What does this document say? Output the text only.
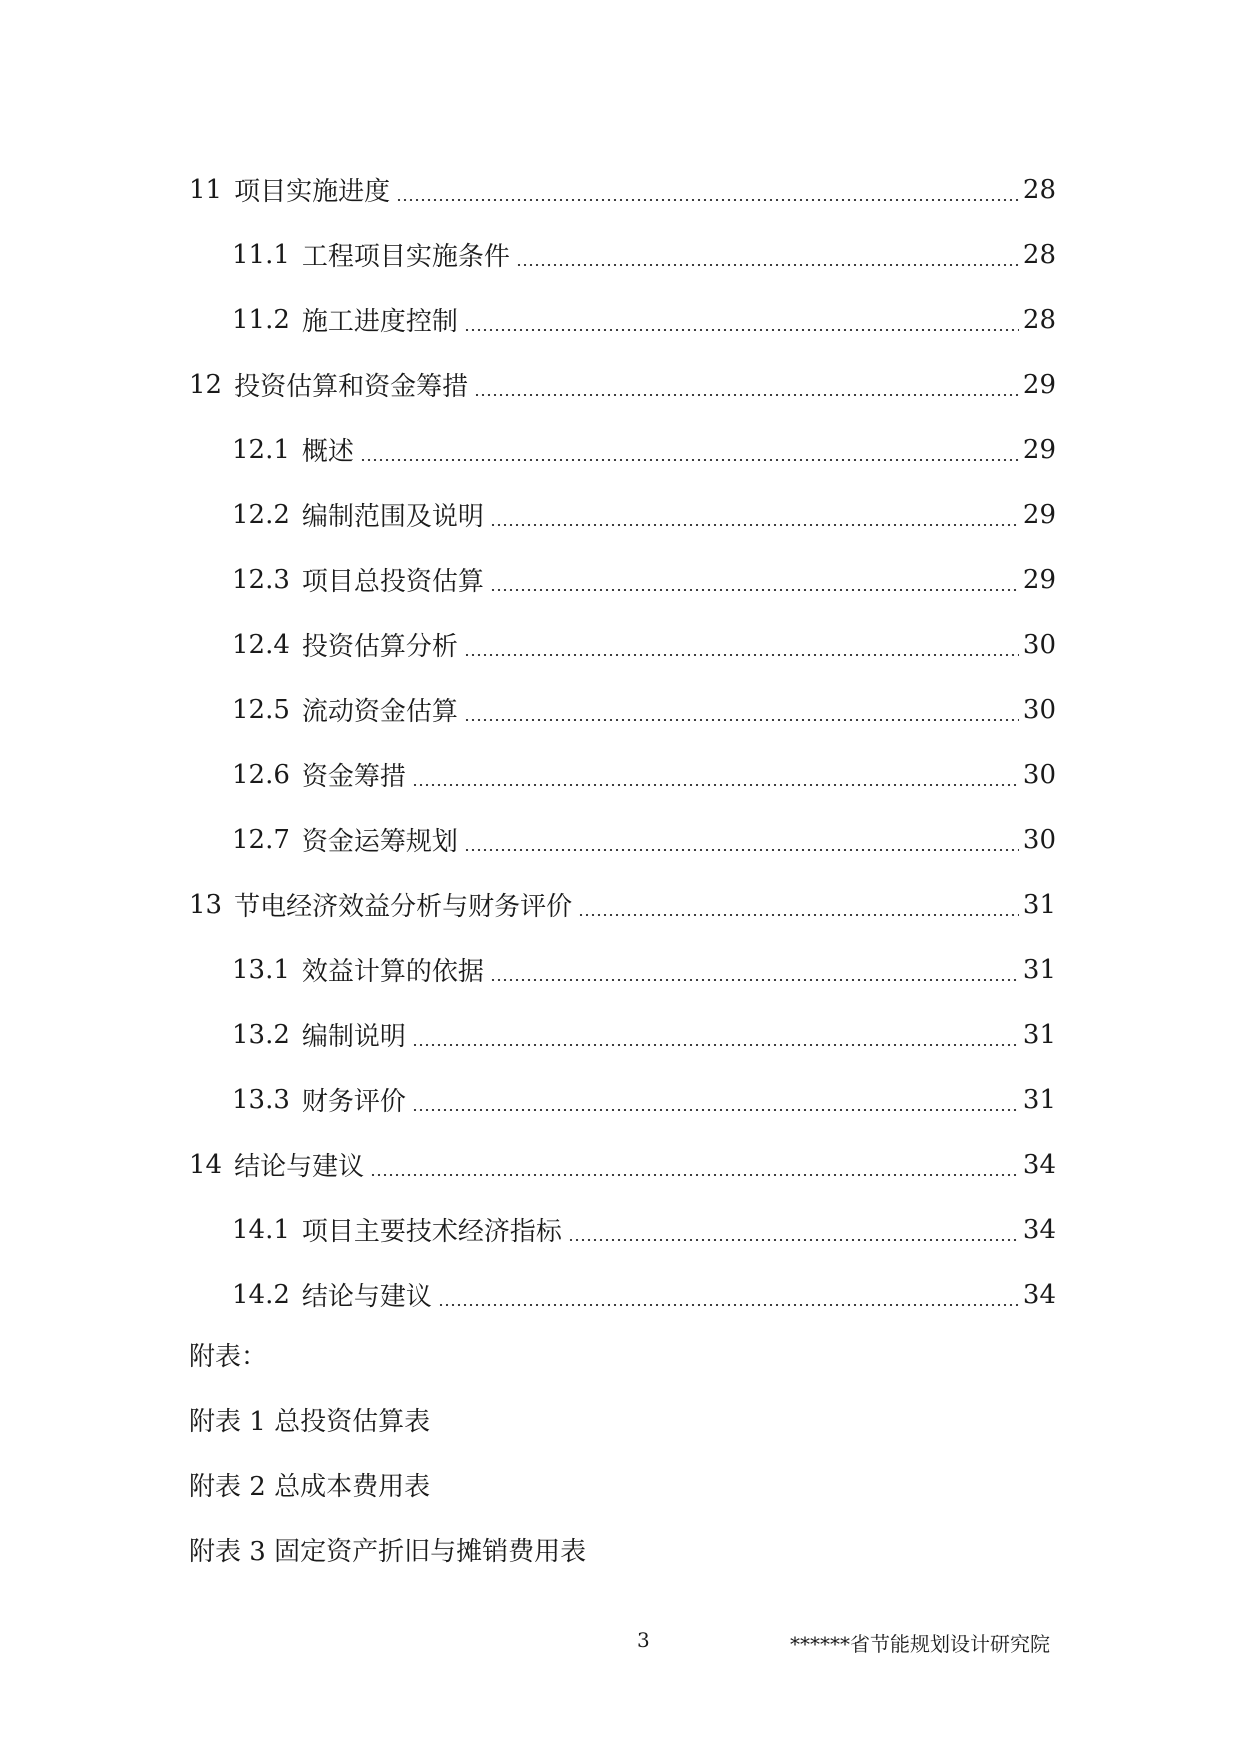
11 项目实施进度	28
11.1 工程项目实施条件	28
11.2 施工进度控制	28
12 投资估算和资金筹措	29
12.1 概述	29
12.2 编制范围及说明	29
12.3 项目总投资估算	29
12.4 投资估算分析	30
12.5 流动资金估算	30
12.6 资金筹措	30
12.7 资金运筹规划	30
13 节电经济效益分析与财务评价	31
13.1 效益计算的依据	31
13.2 编制说明	31
13.3 财务评价	31
14 结论与建议	34
14.1 项目主要技术经济指标	34
14.2 结论与建议	34
附表：
附表 1 总投资估算表
附表 2 总成本费用表
附表 3 固定资产折旧与摊销费用表
3	******省节能规划设计研究院
